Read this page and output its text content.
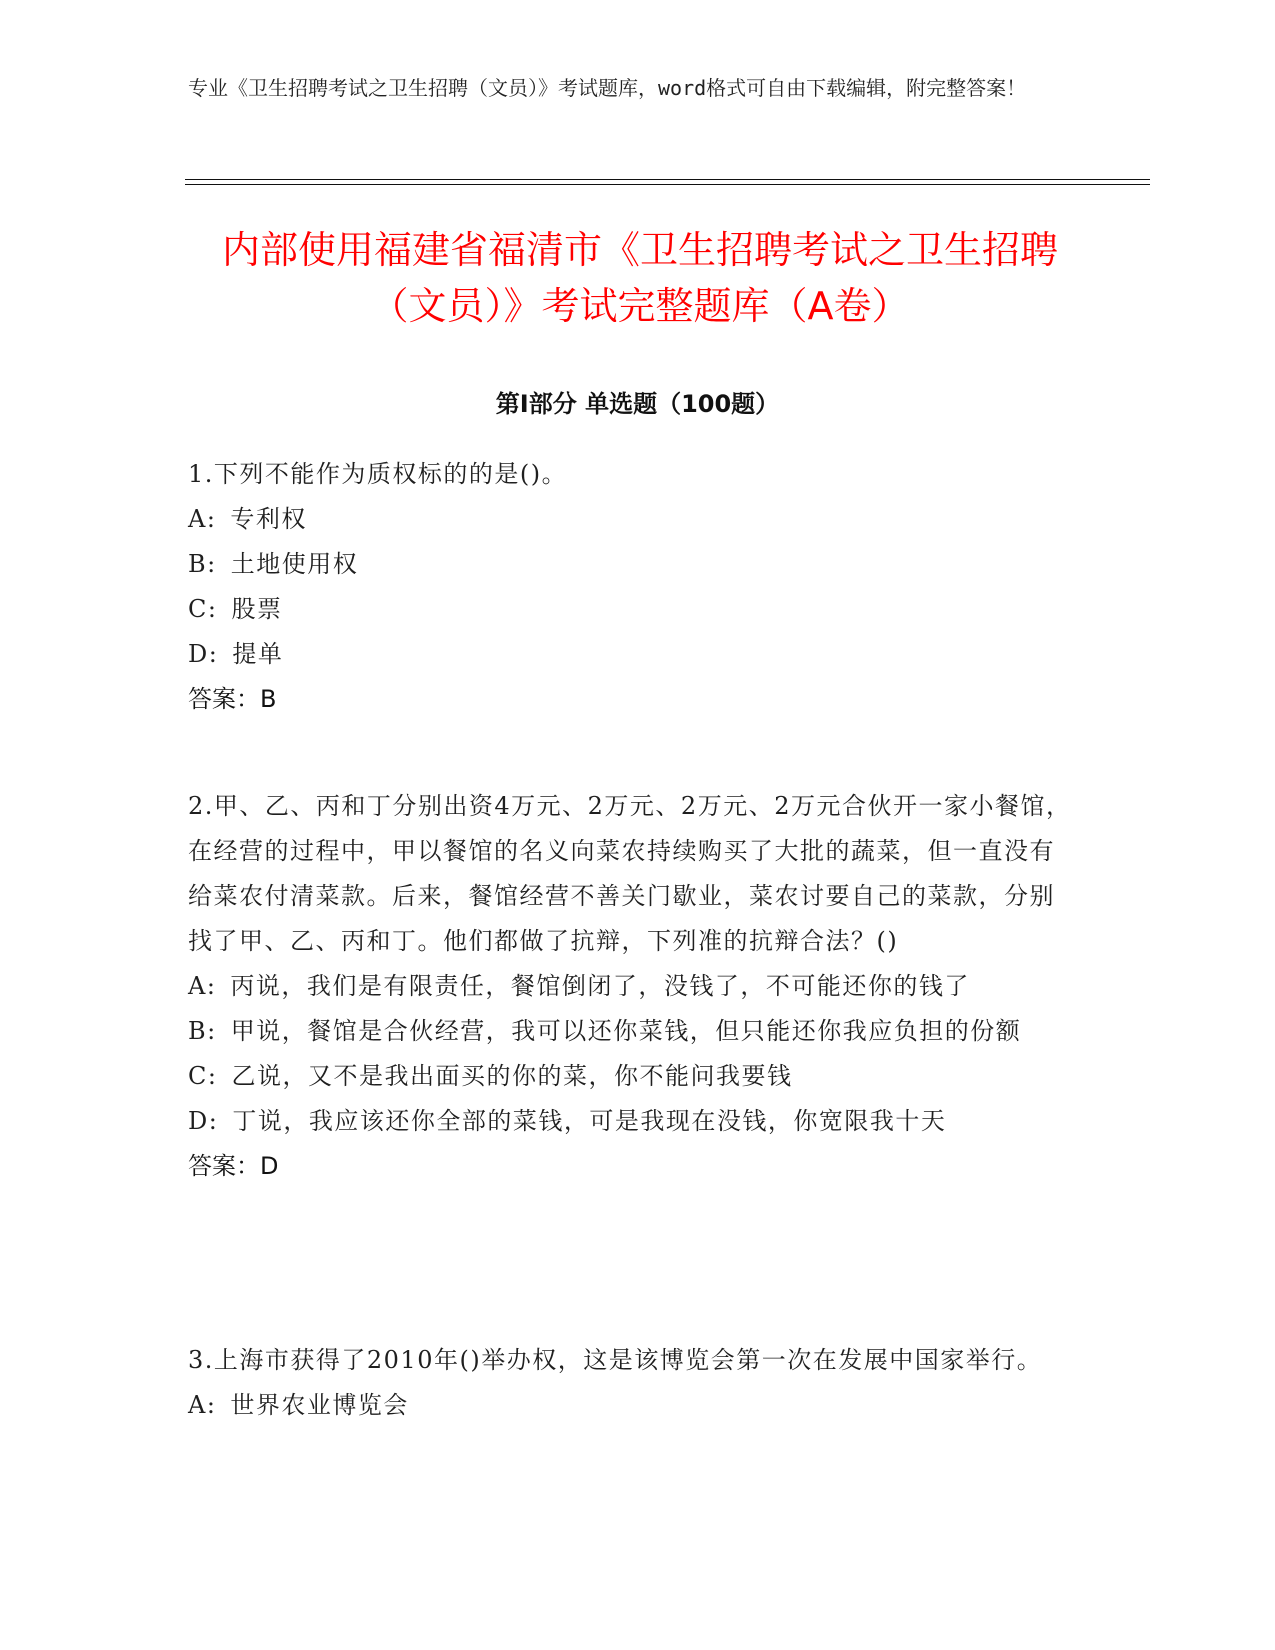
专业《卫生招聘考试之卫生招聘（文员）》考试题库，word格式可自由下载编辑，附完整答案！

内部使用福建省福清市《卫生招聘考试之卫生招聘（文员）》考试完整题库（A卷）
第I部分 单选题（100题）

1.下列不能作为质权标的的是()。

A: 专利权

B: 土地使用权

C: 股票

D: 提单

答案：B

2.甲、乙、丙和丁分别出资4万元、2万元、2万元、2万元合伙开一家小餐馆，在经营的过程中，甲以餐馆的名义向菜农持续购买了大批的蔬菜，但一直没有给菜农付清菜款。后来，餐馆经营不善关门歇业，菜农讨要自己的菜款，分别找了甲、乙、丙和丁。他们都做了抗辩，下列准的抗辩合法？()

A: 丙说，我们是有限责任，餐馆倒闭了，没钱了，不可能还你的钱了

B: 甲说，餐馆是合伙经营，我可以还你菜钱，但只能还你我应负担的份额

C: 乙说，又不是我出面买的你的菜，你不能问我要钱

D: 丁说，我应该还你全部的菜钱，可是我现在没钱，你宽限我十天

答案：D

3.上海市获得了2010年()举办权，这是该博览会第一次在发展中国家举行。

A: 世界农业博览会
